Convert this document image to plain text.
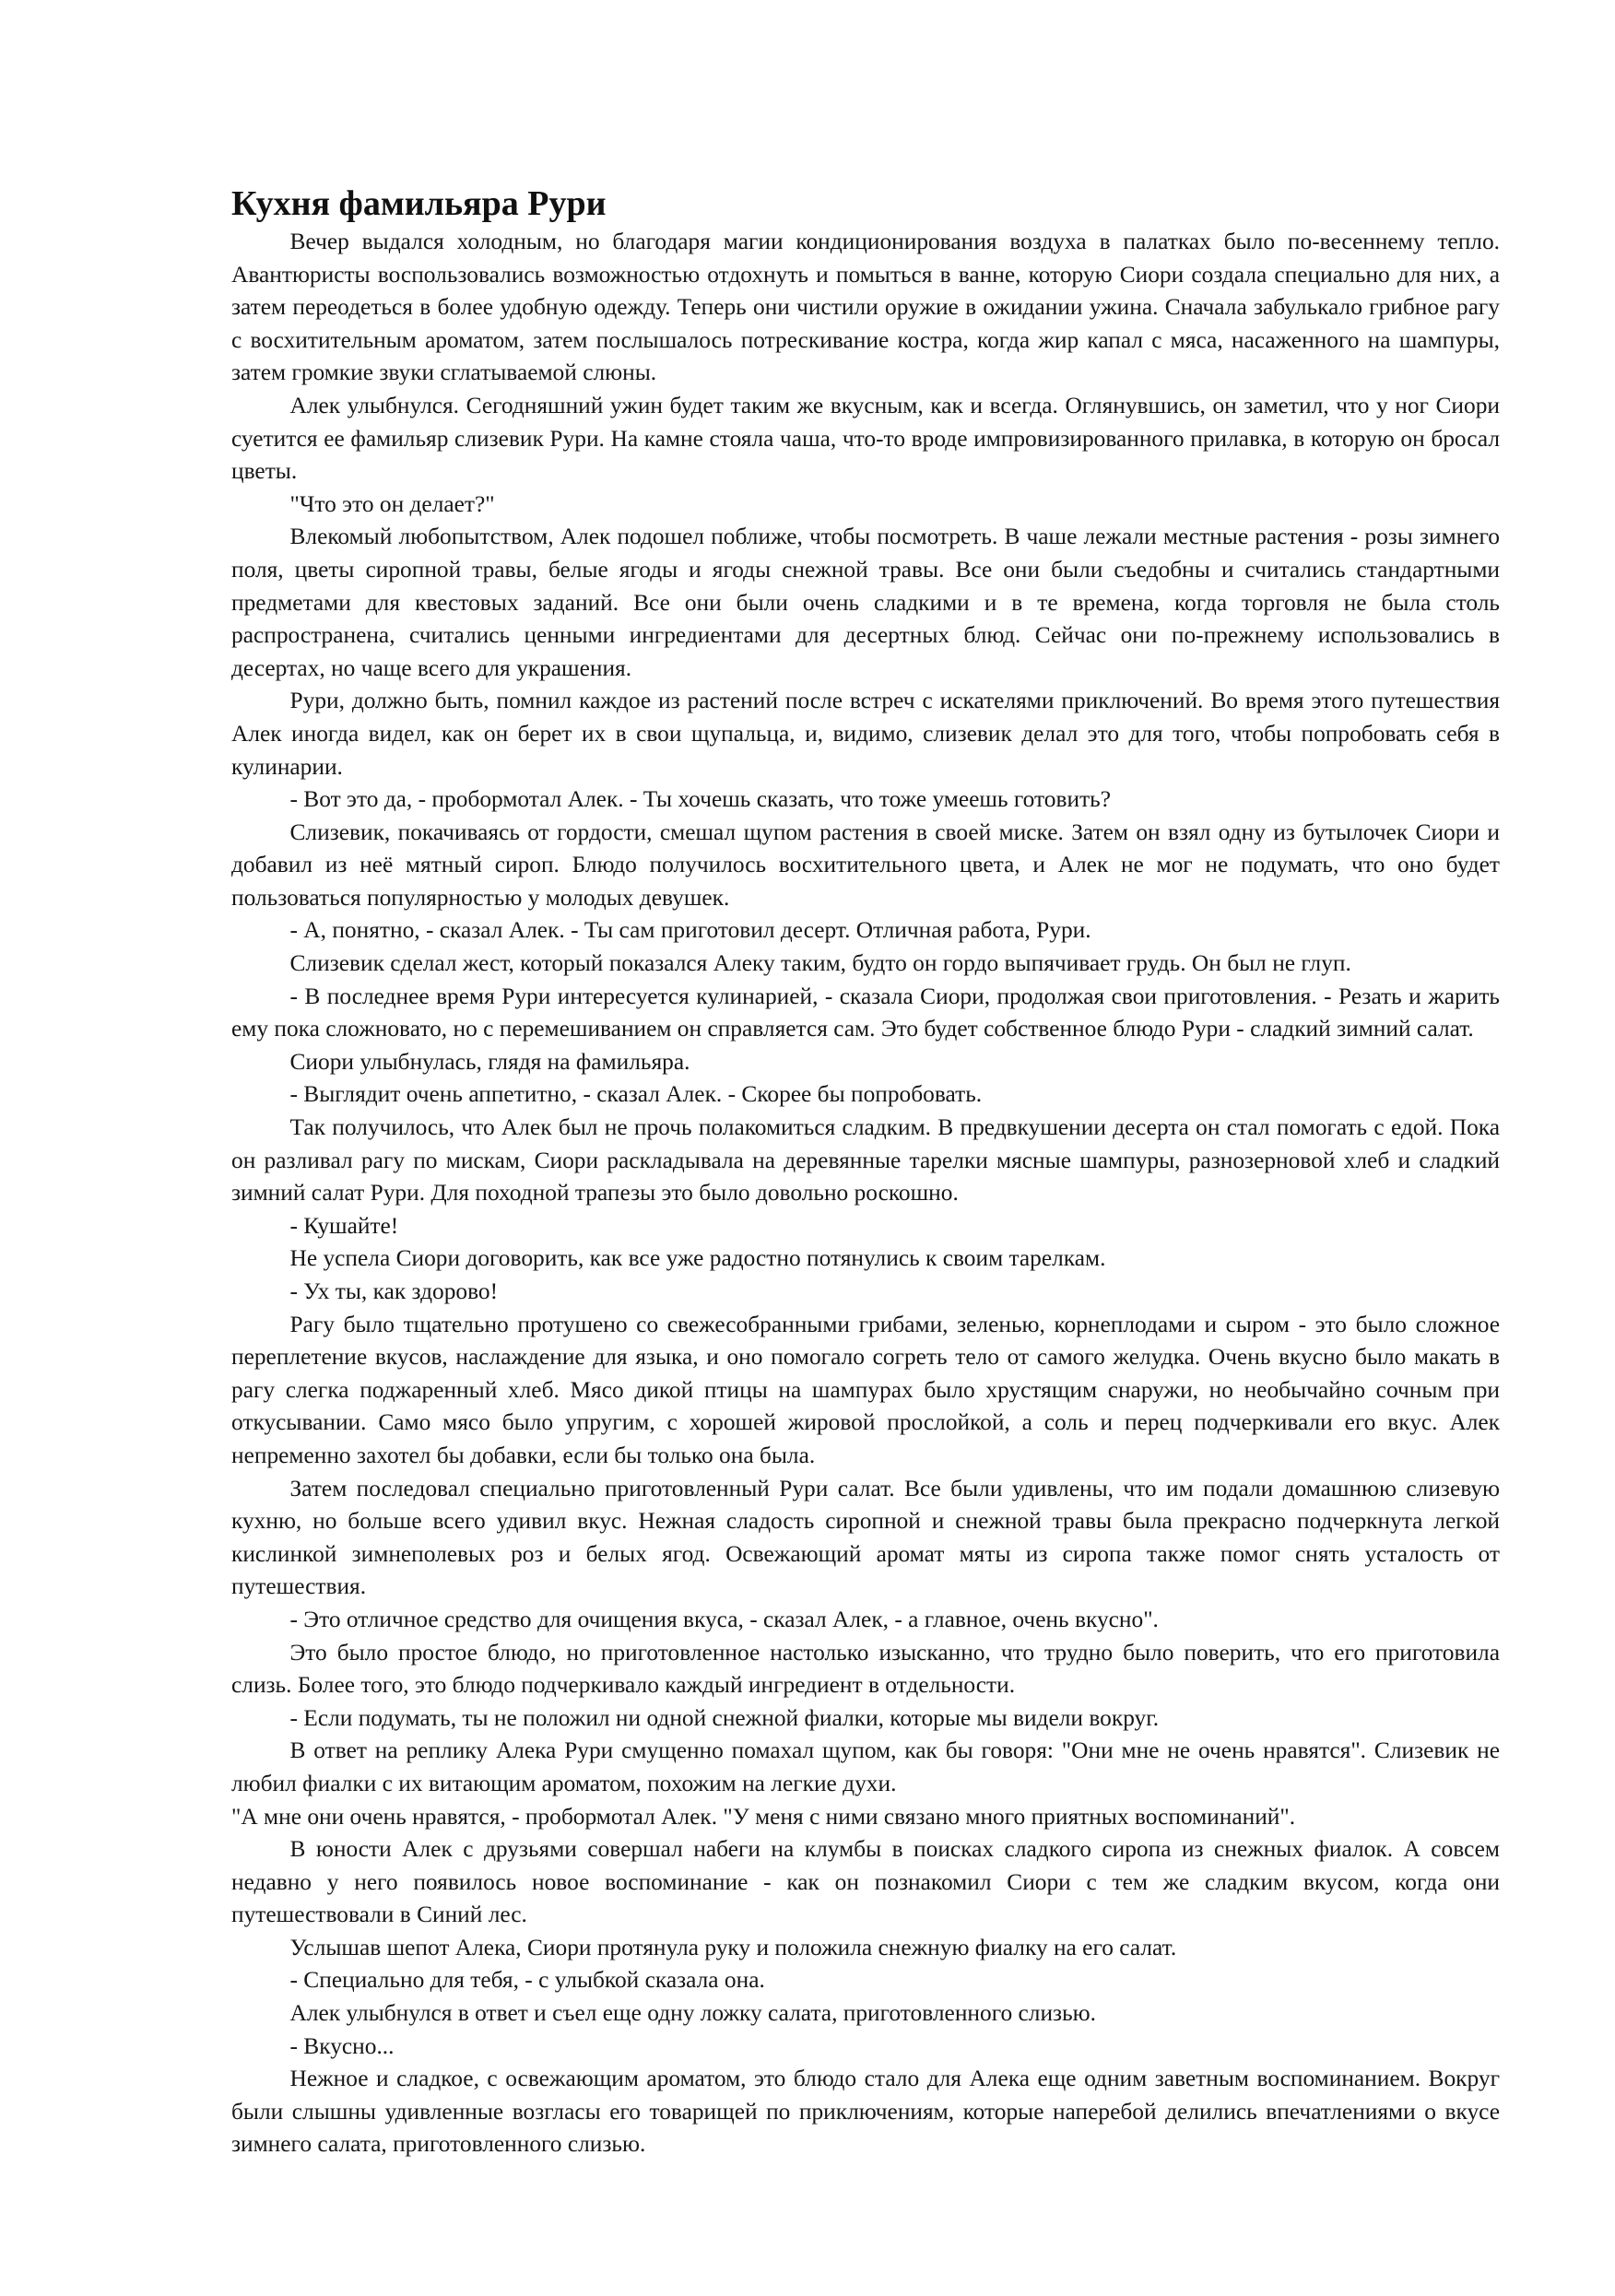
Кухня фамильяра Рури

Вечер выдался холодным, но благодаря магии кондиционирования воздуха в палатках было по-весеннему тепло. Авантюристы воспользовались возможностью отдохнуть и помыться в ванне, которую Сиори создала специально для них, а затем переодеться в более удобную одежду. Теперь они чистили оружие в ожидании ужина. Сначала забулькало грибное рагу с восхитительным ароматом, затем послышалось потрескивание костра, когда жир капал с мяса, насаженного на шампуры, затем громкие звуки сглатываемой слюны.

Алек улыбнулся. Сегодняшний ужин будет таким же вкусным, как и всегда. Оглянувшись, он заметил, что у ног Сиори суетится ее фамильяр слизевик Рури. На камне стояла чаша, что-то вроде импровизированного прилавка, в которую он бросал цветы.

"Что это он делает?"

Влекомый любопытством, Алек подошел поближе, чтобы посмотреть. В чаше лежали местные растения - розы зимнего поля, цветы сиропной травы, белые ягоды и ягоды снежной травы. Все они были съедобны и считались стандартными предметами для квестовых заданий. Все они были очень сладкими и в те времена, когда торговля не была столь распространена, считались ценными ингредиентами для десертных блюд. Сейчас они по-прежнему использовались в десертах, но чаще всего для украшения.

Рури, должно быть, помнил каждое из растений после встреч с искателями приключений. Во время этого путешествия Алек иногда видел, как он берет их в свои щупальца, и, видимо, слизевик делал это для того, чтобы попробовать себя в кулинарии.

- Вот это да, - пробормотал Алек. - Ты хочешь сказать, что тоже умеешь готовить?

Слизевик, покачиваясь от гордости, смешал щупом растения в своей миске. Затем он взял одну из бутылочек Сиори и добавил из неё мятный сироп. Блюдо получилось восхитительного цвета, и Алек не мог не подумать, что оно будет пользоваться популярностью у молодых девушек.

- А, понятно, - сказал Алек. - Ты сам приготовил десерт. Отличная работа, Рури.

Слизевик сделал жест, который показался Алеку таким, будто он гордо выпячивает грудь. Он был не глуп.

- В последнее время Рури интересуется кулинарией, - сказала Сиори, продолжая свои приготовления. - Резать и жарить ему пока сложновато, но с перемешиванием он справляется сам. Это будет собственное блюдо Рури - сладкий зимний салат.

Сиори улыбнулась, глядя на фамильяра.

- Выглядит очень аппетитно, - сказал Алек. - Скорее бы попробовать.

Так получилось, что Алек был не прочь полакомиться сладким. В предвкушении десерта он стал помогать с едой. Пока он разливал рагу по мискам, Сиори раскладывала на деревянные тарелки мясные шампуры, разнозерновой хлеб и сладкий зимний салат Рури. Для походной трапезы это было довольно роскошно.

- Кушайте!

Не успела Сиори договорить, как все уже радостно потянулись к своим тарелкам.

- Ух ты, как здорово!

Рагу было тщательно протушено со свежесобранными грибами, зеленью, корнеплодами и сыром - это было сложное переплетение вкусов, наслаждение для языка, и оно помогало согреть тело от самого желудка. Очень вкусно было макать в рагу слегка поджаренный хлеб. Мясо дикой птицы на шампурах было хрустящим снаружи, но необычайно сочным при откусывании. Само мясо было упругим, с хорошей жировой прослойкой, а соль и перец подчеркивали его вкус. Алек непременно захотел бы добавки, если бы только она была.

Затем последовал специально приготовленный Рури салат. Все были удивлены, что им подали домашнюю слизевую кухню, но больше всего удивил вкус. Нежная сладость сиропной и снежной травы была прекрасно подчеркнута легкой кислинкой зимнеполевых роз и белых ягод. Освежающий аромат мяты из сиропа также помог снять усталость от путешествия.

- Это отличное средство для очищения вкуса, - сказал Алек, - а главное, очень вкусно".

Это было простое блюдо, но приготовленное настолько изысканно, что трудно было поверить, что его приготовила слизь. Более того, это блюдо подчеркивало каждый ингредиент в отдельности.

- Если подумать, ты не положил ни одной снежной фиалки, которые мы видели вокруг.

В ответ на реплику Алека Рури смущенно помахал щупом, как бы говоря: "Они мне не очень нравятся". Слизевик не любил фиалки с их витающим ароматом, похожим на легкие духи.

"А мне они очень нравятся, - пробормотал Алек. "У меня с ними связано много приятных воспоминаний".

В юности Алек с друзьями совершал набеги на клумбы в поисках сладкого сиропа из снежных фиалок. А совсем недавно у него появилось новое воспоминание - как он познакомил Сиори с тем же сладким вкусом, когда они путешествовали в Синий лес.

Услышав шепот Алека, Сиори протянула руку и положила снежную фиалку на его салат.

- Специально для тебя, - с улыбкой сказала она.

Алек улыбнулся в ответ и съел еще одну ложку салата, приготовленного слизью.

- Вкусно...

Нежное и сладкое, с освежающим ароматом, это блюдо стало для Алека еще одним заветным воспоминанием. Вокруг были слышны удивленные возгласы его товарищей по приключениям, которые наперебой делились впечатлениями о вкусе зимнего салата, приготовленного слизью.
